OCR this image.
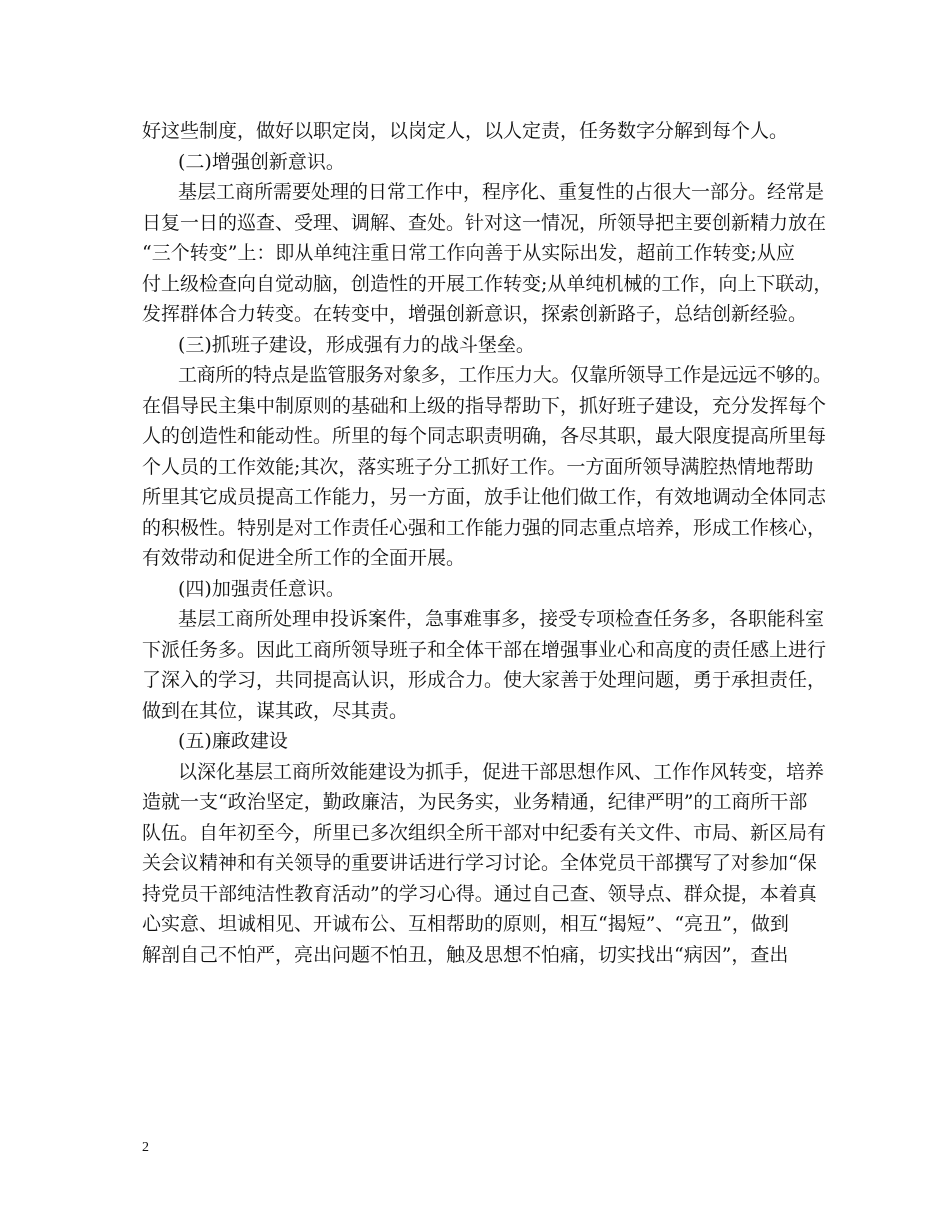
好这些制度，做好以职定岗，以岗定人，以人定责，任务数字分解到每个人。
(二)增强创新意识。
基层工商所需要处理的日常工作中，程序化、重复性的占很大一部分。经常是
日复一日的巡查、受理、调解、查处。针对这一情况，所领导把主要创新精力放在
“三个转变”上：即从单纯注重日常工作向善于从实际出发，超前工作转变;从应
付上级检查向自觉动脑，创造性的开展工作转变;从单纯机械的工作，向上下联动，
发挥群体合力转变。在转变中，增强创新意识，探索创新路子，总结创新经验。
(三)抓班子建设，形成强有力的战斗堡垒。
工商所的特点是监管服务对象多，工作压力大。仅靠所领导工作是远远不够的。
在倡导民主集中制原则的基础和上级的指导帮助下，抓好班子建设，充分发挥每个
人的创造性和能动性。所里的每个同志职责明确，各尽其职，最大限度提高所里每
个人员的工作效能;其次，落实班子分工抓好工作。一方面所领导满腔热情地帮助
所里其它成员提高工作能力，另一方面，放手让他们做工作，有效地调动全体同志
的积极性。特别是对工作责任心强和工作能力强的同志重点培养，形成工作核心，
有效带动和促进全所工作的全面开展。
(四)加强责任意识。
基层工商所处理申投诉案件，急事难事多，接受专项检查任务多，各职能科室
下派任务多。因此工商所领导班子和全体干部在增强事业心和高度的责任感上进行
了深入的学习，共同提高认识，形成合力。使大家善于处理问题，勇于承担责任，
做到在其位，谋其政，尽其责。
(五)廉政建设
以深化基层工商所效能建设为抓手，促进干部思想作风、工作作风转变，培养
造就一支“政治坚定，勤政廉洁，为民务实，业务精通，纪律严明”的工商所干部
队伍。自年初至今，所里已多次组织全所干部对中纪委有关文件、市局、新区局有
关会议精神和有关领导的重要讲话进行学习讨论。全体党员干部撰写了对参加“保
持党员干部纯洁性教育活动”的学习心得。通过自己查、领导点、群众提，本着真
心实意、坦诚相见、开诚布公、互相帮助的原则，相互“揭短”、“亮丑”，做到
解剖自己不怕严，亮出问题不怕丑，触及思想不怕痛，切实找出“病因”，查出
2
